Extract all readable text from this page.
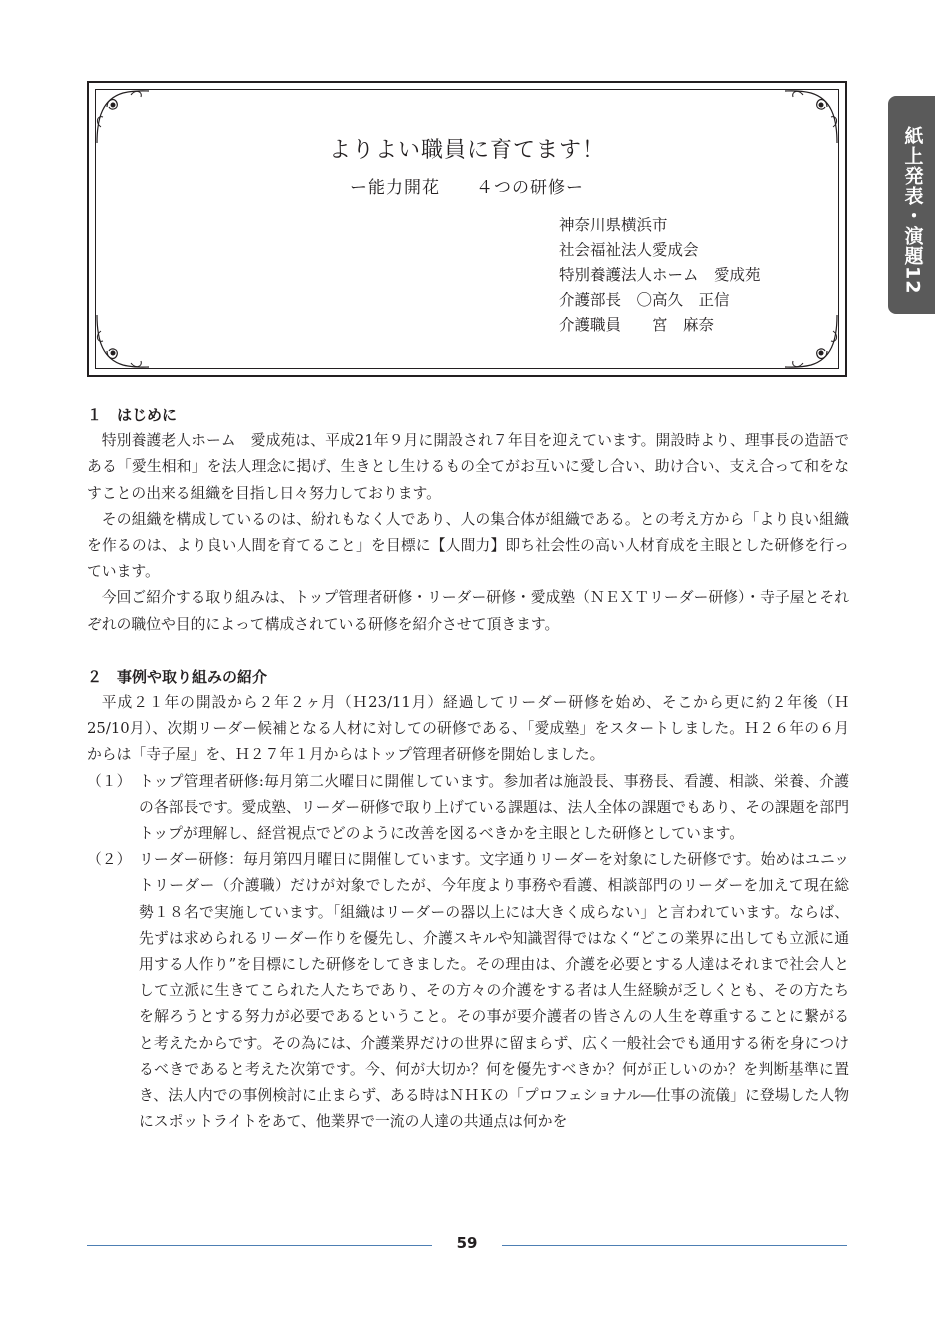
紙上発表・演題12
よりよい職員に育てます！
ー能力開花　　４つの研修ー
神奈川県横浜市
社会福祉法人愛成会
特別養護法人ホーム　愛成苑
介護部長　〇高久　正信
介護職員　　宮　麻奈
１　はじめに

特別養護老人ホーム　愛成苑は、平成21年９月に開設され７年目を迎えています。開設時より、理事長の造語である「愛生相和」を法人理念に掲げ、生きとし生けるもの全てがお互いに愛し合い、助け合い、支え合って和をなすことの出来る組織を目指し日々努力しております。

その組織を構成しているのは、紛れもなく人であり、人の集合体が組織である。との考え方から「より良い組織を作るのは、より良い人間を育てること」を目標に【人間力】即ち社会性の高い人材育成を主眼とした研修を行っています。

今回ご紹介する取り組みは、トップ管理者研修・リーダー研修・愛成塾（ＮＥＸＴリーダー研修）・寺子屋とそれぞれの職位や目的によって構成されている研修を紹介させて頂きます。

２　事例や取り組みの紹介

平成２１年の開設から２年２ヶ月（Ｈ23/11月）経過してリーダー研修を始め、そこから更に約２年後（Ｈ25/10月）、次期リーダー候補となる人材に対しての研修である、「愛成塾」をスタートしました。Ｈ２６年の６月からは「寺子屋」を、Ｈ２７年１月からはトップ管理者研修を開始しました。

（１） トップ管理者研修:毎月第二火曜日に開催しています。参加者は施設長、事務長、看護、相談、栄養、介護の各部長です。愛成塾、リーダー研修で取り上げている課題は、法人全体の課題でもあり、その課題を部門トップが理解し、経営視点でどのように改善を図るべきかを主眼とした研修としています。

（２） リーダー研修：毎月第四月曜日に開催しています。文字通りリーダーを対象にした研修です。始めはユニットリーダー（介護職）だけが対象でしたが、今年度より事務や看護、相談部門のリーダーを加えて現在総勢１８名で実施しています。「組織はリーダーの器以上には大きく成らない」と言われています。ならば、先ずは求められるリーダー作りを優先し、介護スキルや知識習得ではなく“どこの業界に出しても立派に通用する人作り”を目標にした研修をしてきました。その理由は、介護を必要とする人達はそれまで社会人として立派に生きてこられた人たちであり、その方々の介護をする者は人生経験が乏しくとも、その方たちを解ろうとする努力が必要であるということ。その事が要介護者の皆さんの人生を尊重することに繋がると考えたからです。その為には、介護業界だけの世界に留まらず、広く一般社会でも通用する術を身につけるべきであると考えた次第です。今、何が大切か？何を優先すべきか？何が正しいのか？を判断基準に置き、法人内での事例検討に止まらず、ある時はＮＨＫの「プロフェショナル―仕事の流儀」に登場した人物にスポットライトをあて、他業界で一流の人達の共通点は何かを

59
